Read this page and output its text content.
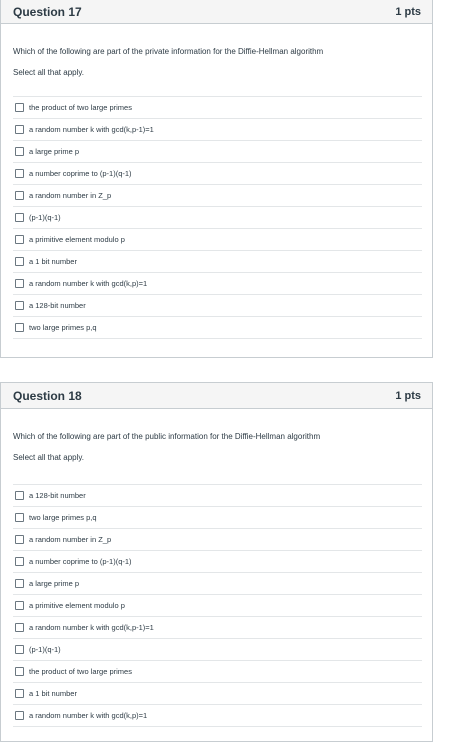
Question 17	1 pts
Which of the following are part of the private information for the Diffie-Hellman algorithm
Select all that apply.
the product of two large primes
a random number k with gcd(k,p-1)=1
a large prime p
a number coprime to (p-1)(q-1)
a random number in Z_p
(p-1)(q-1)
a primitive element modulo p
a 1 bit number
a random number k with gcd(k,p)=1
a 128-bit number
two large primes p,q
Question 18	1 pts
Which of the following are part of the public information for the Diffie-Hellman algorithm
Select all that apply.
a 128-bit number
two large primes p,q
a random number in Z_p
a number coprime to (p-1)(q-1)
a large prime p
a primitive element modulo p
a random number k with gcd(k,p-1)=1
(p-1)(q-1)
the product of two large primes
a 1 bit number
a random number k with gcd(k,p)=1
